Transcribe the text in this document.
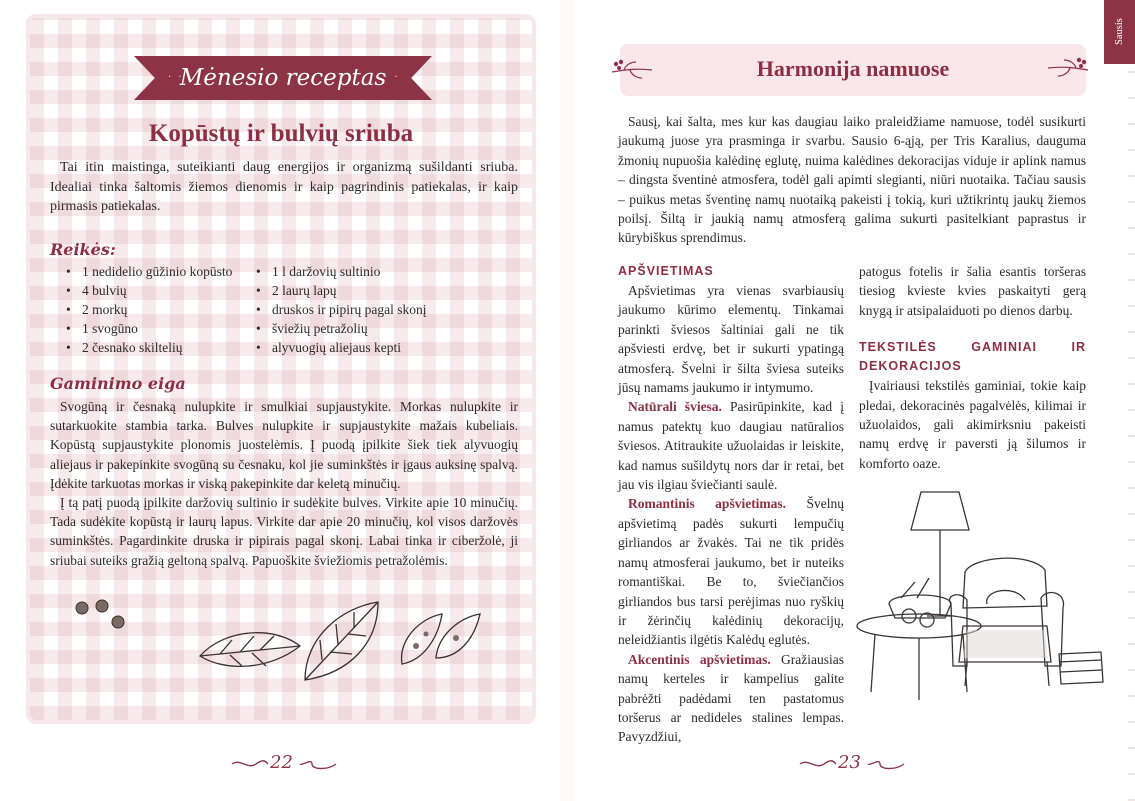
· ·	· ·
Mėnesio receptas
Kopūstų ir bulvių sriuba

Tai itin maistinga, suteikianti daug energijos ir organizmą sušildanti sriuba. Idealiai tinka šaltomis žiemos dienomis ir kaip pagrindinis patiekalas, ir kaip pirmasis patiekalas.

Reikės:
• 1 nedidelio gūžinio kopūsto
• 4 bulvių
• 2 morkų
• 1 svogūno
• 2 česnako skiltelių
• 1 l daržovių sultinio
• 2 laurų lapų
• druskos ir pipirų pagal skonį
• šviežių petražolių
• alyvuogių aliejaus kepti
Gaminimo eiga

Svogūną ir česnaką nulupkite ir smulkiai supjaustykite. Morkas nulupkite ir sutarkuokite stambia tarka. Bulves nulupkite ir supjaustykite mažais kubeliais. Kopūstą supjaustykite plonomis juostelėmis. Į puodą įpilkite šiek tiek alyvuogių aliejaus ir pakepinkite svogūną su česnaku, kol jie suminkštės ir įgaus auksinę spalvą. Įdėkite tarkuotas morkas ir viską pakepinkite dar keletą minučių.

Į tą patį puodą įpilkite daržovių sultinio ir sudėkite bulves. Virkite apie 10 minučių. Tada sudėkite kopūstą ir laurų lapus. Virkite dar apie 20 minučių, kol visos daržovės suminkštės. Pagardinkite druska ir pipirais pagal skonį. Labai tinka ir ciberžolė, ji sriubai suteiks gražią geltoną spalvą. Papuoškite šviežiomis petražolėmis.

22
Harmonija namuose
Sausis

Sausį, kai šalta, mes kur kas daugiau laiko praleidžiame namuose, todėl susikurti jaukumą juose yra prasminga ir svarbu. Sausio 6-ąją, per Tris Karalius, dauguma žmonių nupuošia kalėdinę eglutę, nuima kalėdines dekoracijas viduje ir aplink namus – dingsta šventinė atmosfera, todėl gali apimti slegianti, niūri nuotaika. Tačiau sausis – puikus metas šventinę namų nuotaiką pakeisti į tokią, kuri užtikrintų jaukų žiemos poilsį. Šiltą ir jaukią namų atmosferą galima sukurti pasitelkiant paprastus ir kūrybiškus sprendimus.

APŠVIETIMAS

Apšvietimas yra vienas svarbiausių jaukumo kūrimo elementų. Tinkamai parinkti šviesos šaltiniai gali ne tik apšviesti erdvę, bet ir sukurti ypatingą atmosferą. Švelni ir šilta šviesa suteiks jūsų namams jaukumo ir intymumo.

Natūrali šviesa. Pasirūpinkite, kad į namus patektų kuo daugiau natūralios šviesos. Atitraukite užuolaidas ir leiskite, kad namus sušildytų nors dar ir retai, bet jau vis ilgiau šviečianti saulė.

Romantinis apšvietimas. Švelnų apšvietimą padės sukurti lempučių girliandos ar žvakės. Tai ne tik pridės namų atmosferai jaukumo, bet ir nuteiks romantiškai. Be to, šviečiančios girliandos bus tarsi perėjimas nuo ryškių ir žėrinčių kalėdinių dekoracijų, neleidžiantis ilgėtis Kalėdų eglutės.

Akcentinis apšvietimas. Gražiausias namų kerteles ir kampelius galite pabrėžti padėdami ten pastatomus toršerus ar nedideles stalines lempas. Pavyzdžiui,

patogus fotelis ir šalia esantis toršeras tiesiog kvieste kvies paskaityti gerą knygą ir atsipalaiduoti po dienos darbų.

TEKSTILĖS GAMINIAI IR DEKORACIJOS

Įvairiausi tekstilės gaminiai, tokie kaip pledai, dekoracinės pagalvėlės, kilimai ir užuolaidos, gali akimirksniu pakeisti namų erdvę ir paversti ją šilumos ir komforto oaze.

23
